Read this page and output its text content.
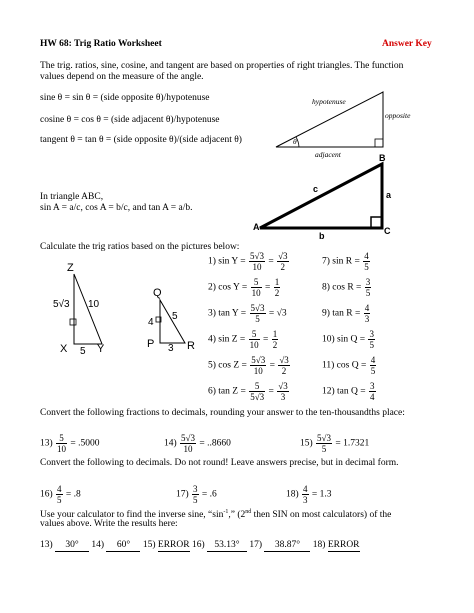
HW 68: Trig Ratio Worksheet	Answer Key
The trig. ratios, sine, cosine, and tangent are based on properties of right triangles. The function
values depend on the measure of the angle.
sine θ = sin θ = (side opposite θ)/hypotenuse
cosine θ = cos θ = (side adjacent θ)/hypotenuse
tangent θ = tan θ = (side opposite θ)/(side adjacent θ)
hypotenuse
opposite
adjacent
θ
A
B
C
a
b
c
In triangle ABC,
sin A = a/c, cos A = b/c, and tan A = a/b.
Calculate the trig ratios based on the pictures below:
Z
X	Y
5√3 10
5
Q
P	R
4
5
3
1) $\sin Y = \frac{5√3}{10} = \frac{√3}{2}$
2) $\cos Y = \frac{5}{10} = \frac{1}{2}$
3) $\tan Y = \frac{5√3}{5} = √3$
4) $\sin Z = \frac{5}{10} = \frac{1}{2}$
5) $\cos Z = \frac{5√3}{10} = \frac{√3}{2}$
6) $\tan Z = \frac{5}{5√3} = \frac{√3}{3}$
7) $\sin R = \frac{4}{5}$
8) $\cos R = \frac{3}{5}$
9) $\tan R = \frac{4}{3}$
10) $\sin Q = \frac{3}{5}$
11) $\cos Q = \frac{4}{5}$
12) $\tan Q = \frac{3}{4}$
Convert the following fractions to decimals, rounding your answer to the ten-thousandths place:
$13) \frac{5}{10} = .5000$	$14) \frac{5√3}{10} = ..8660$	$15) \frac{5√3}{5} = 1.7321$
Convert the following to decimals. Do not round! Leave answers precise, but in decimal form.
$16) \frac{4}{5} = .8$	$17) \frac{3}{5} = .6$	$18) \frac{4}{3} = 1.3$
Use your calculator to find the inverse sine, “$\sin^{-1}$,” (2nd then SIN on most calculators) of the
values above. Write the results here:
13) 30° 14) 60° 15) ERROR 16) 53.13° 17) 38.87° 18) ERROR
